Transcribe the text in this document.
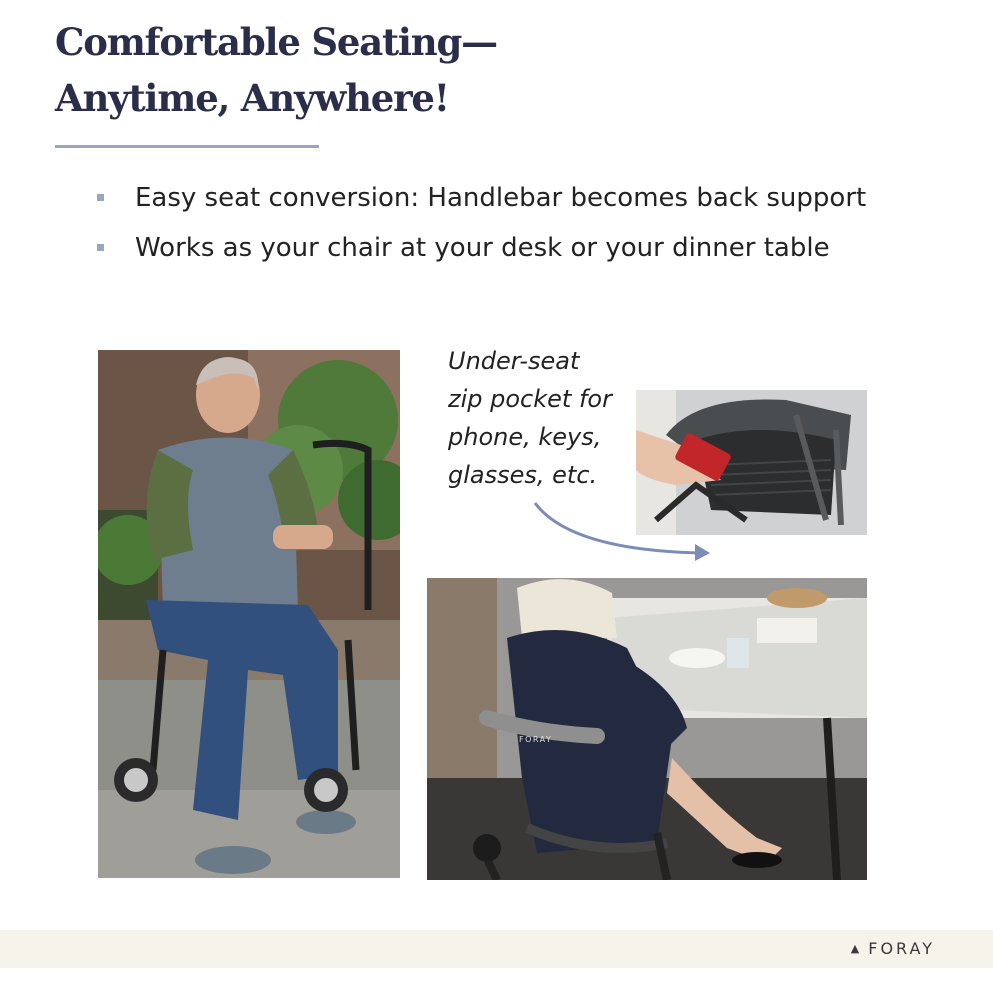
Comfortable Seating—
Anytime, Anywhere!
Easy seat conversion: Handlebar becomes back support
Works as your chair at your desk or your dinner table

Under-seat
zip pocket for
phone, keys,
glasses, etc.

FORAY
▲ FORAY
